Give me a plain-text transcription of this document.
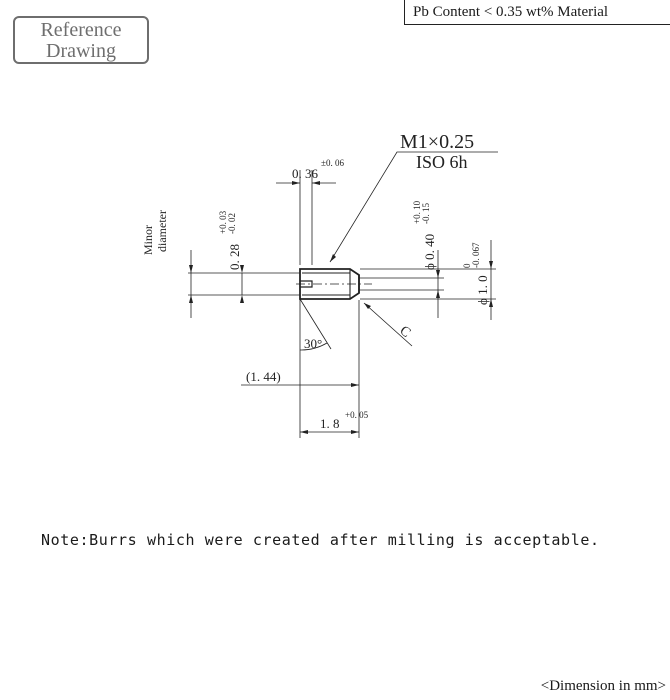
Reference
Drawing
Pb Content < 0.35 wt% Material
M1×0.25
ISO 6h
0. 36
±0. 06
Minor diameter
0. 28
+0. 03 -0. 02
ϕ 0. 40
+0. 10 -0. 15
ϕ 1. 0
0 -0. 067
C
30°
(1. 44)
1. 8
+0. 05
Note:Burrs which were created after milling is acceptable.
<Dimension in mm>
